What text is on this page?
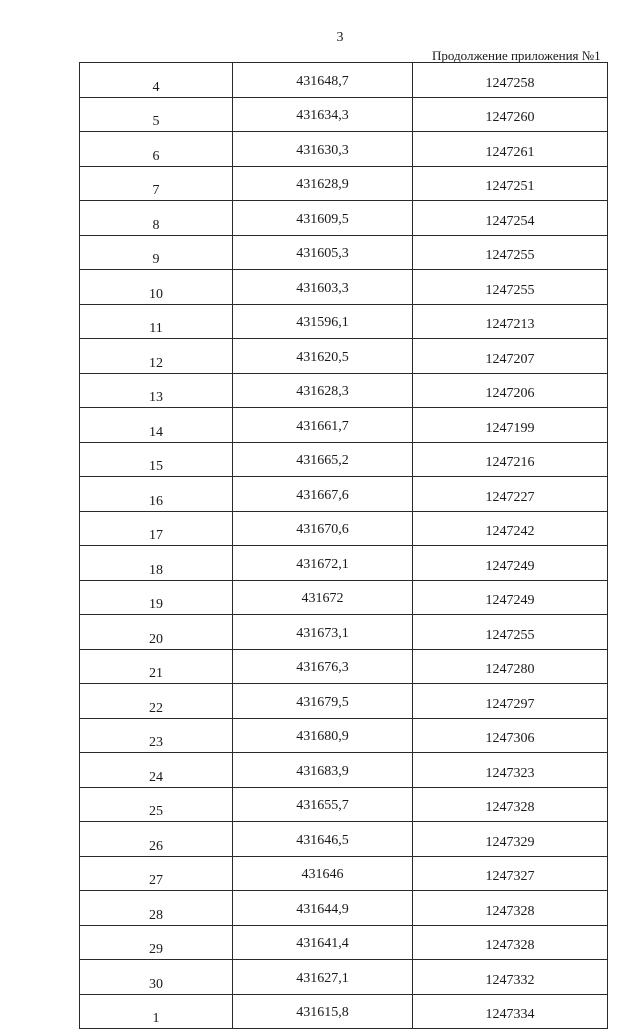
3
Продолжение приложения №1
4	431648,7	1247258
5	431634,3	1247260
6	431630,3	1247261
7	431628,9	1247251
8	431609,5	1247254
9	431605,3	1247255
10	431603,3	1247255
11	431596,1	1247213
12	431620,5	1247207
13	431628,3	1247206
14	431661,7	1247199
15	431665,2	1247216
16	431667,6	1247227
17	431670,6	1247242
18	431672,1	1247249
19	431672	1247249
20	431673,1	1247255
21	431676,3	1247280
22	431679,5	1247297
23	431680,9	1247306
24	431683,9	1247323
25	431655,7	1247328
26	431646,5	1247329
27	431646	1247327
28	431644,9	1247328
29	431641,4	1247328
30	431627,1	1247332
1	431615,8	1247334
